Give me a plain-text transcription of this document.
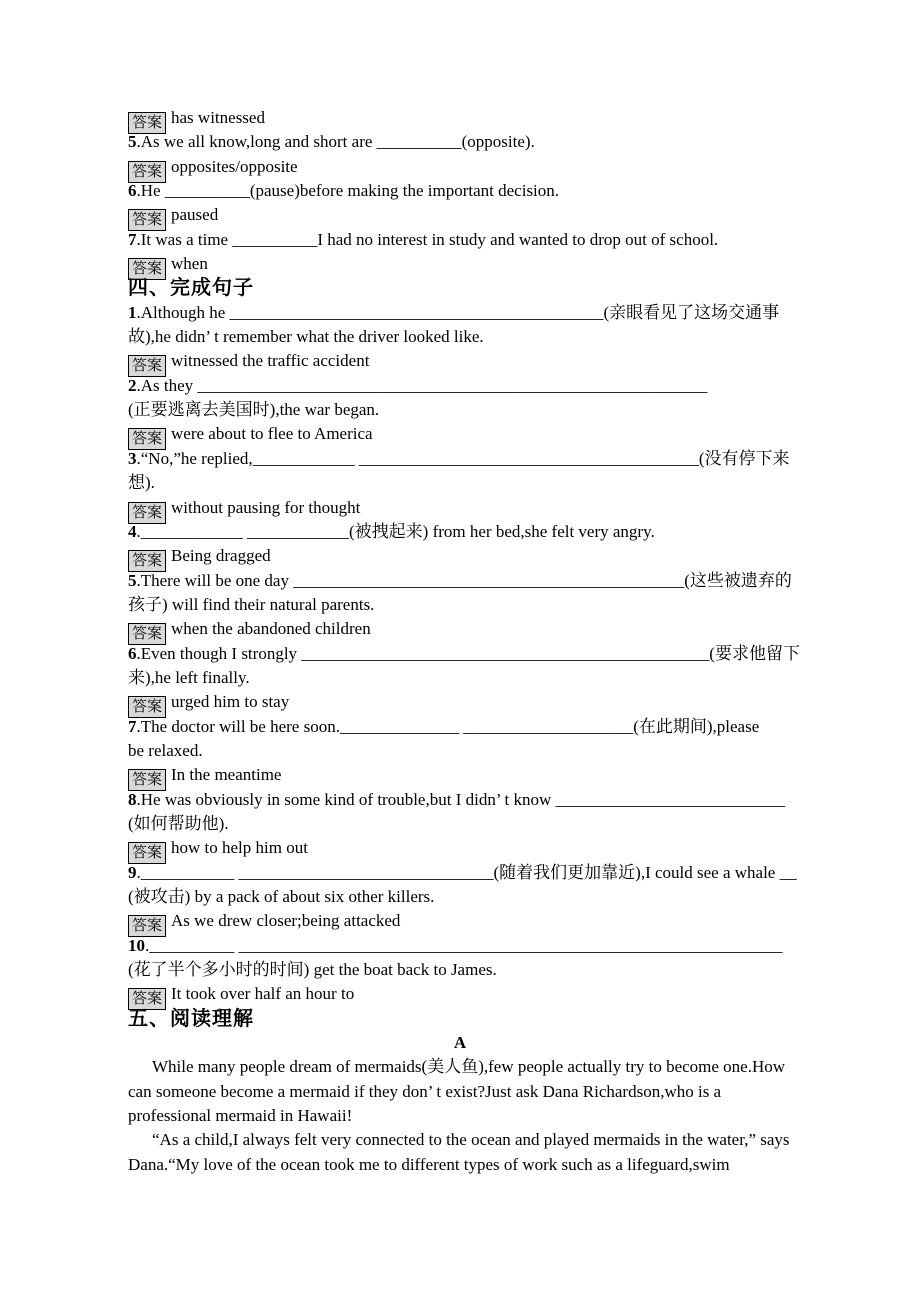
答案 has witnessed
5.As we all know,long and short are __________(opposite).
答案 opposites/opposite
6.He __________(pause)before making the important decision.
答案 paused
7.It was a time __________I had no interest in study and wanted to drop out of school.
答案 when
四、完成句子
1.Although he ____________________________________________(亲眼看见了这场交通事
故),he didn’ t remember what the driver looked like.
答案 witnessed the traffic accident
2.As they ____________________________________________________________
(正要逃离去美国时),the war began.
答案 were about to flee to America
3.“No,”he replied,____________ ________________________________________(没有停下来
想).
答案 without pausing for thought
4.____________ ____________(被拽起来) from her bed,she felt very angry.
答案 Being dragged
5.There will be one day ______________________________________________(这些被遗弃的
孩子) will find their natural parents.
答案 when the abandoned children
6.Even though I strongly ________________________________________________(要求他留下
来),he left finally.
答案 urged him to stay
7.The doctor will be here soon.______________ ____________________(在此期间),please
be relaxed.
答案 In the meantime
8.He was obviously in some kind of trouble,but I didn’ t know ___________________________
(如何帮助他).
答案 how to help him out
9.___________ ______________________________(随着我们更加靠近),I could see a whale __
(被攻击) by a pack of about six other killers.
答案 As we drew closer;being attacked
10.__________ ________________________________________________________________
(花了半个多小时的时间) get the boat back to James.
答案 It took over half an hour to
五、阅读理解
A
While many people dream of mermaids(美人鱼),few people actually try to become one.How
can someone become a mermaid if they don’ t exist?Just ask Dana Richardson,who is a
professional mermaid in Hawaii!
“As a child,I always felt very connected to the ocean and played mermaids in the water,” says
Dana.“My love of the ocean took me to different types of work such as a lifeguard,swim
